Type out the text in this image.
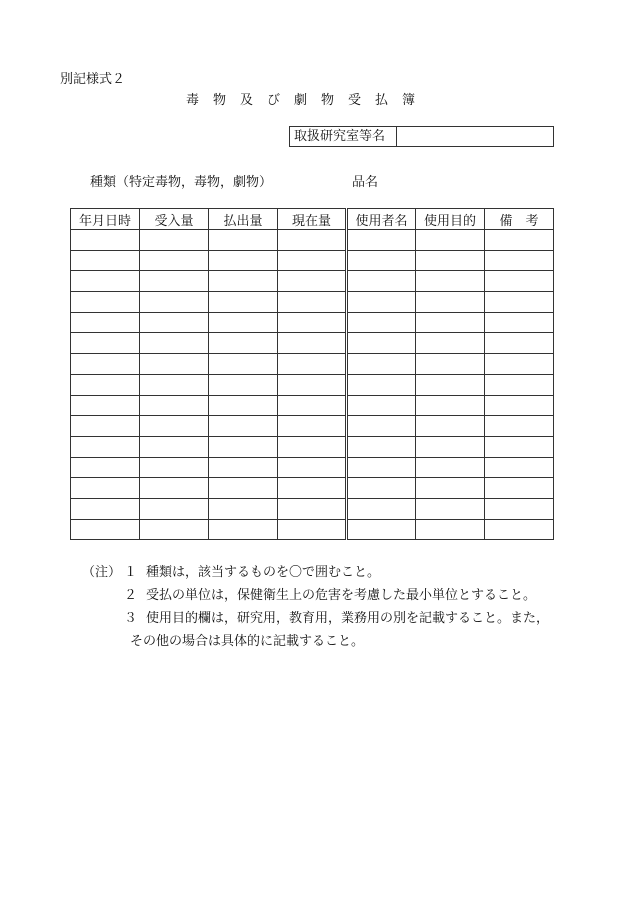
別記様式２
毒物及び劇物受払簿
取扱研究室等名
種類（特定毒物，毒物，劇物）	品名
年月日時	受入量	払出量	現在量	使用者名	使用目的	備　考

（注） １ 種類は，該当するものを〇で囲むこと。
２ 受払の単位は，保健衛生上の危害を考慮した最小単位とすること。
３ 使用目的欄は，研究用，教育用，業務用の別を記載すること。また，
その他の場合は具体的に記載すること。
